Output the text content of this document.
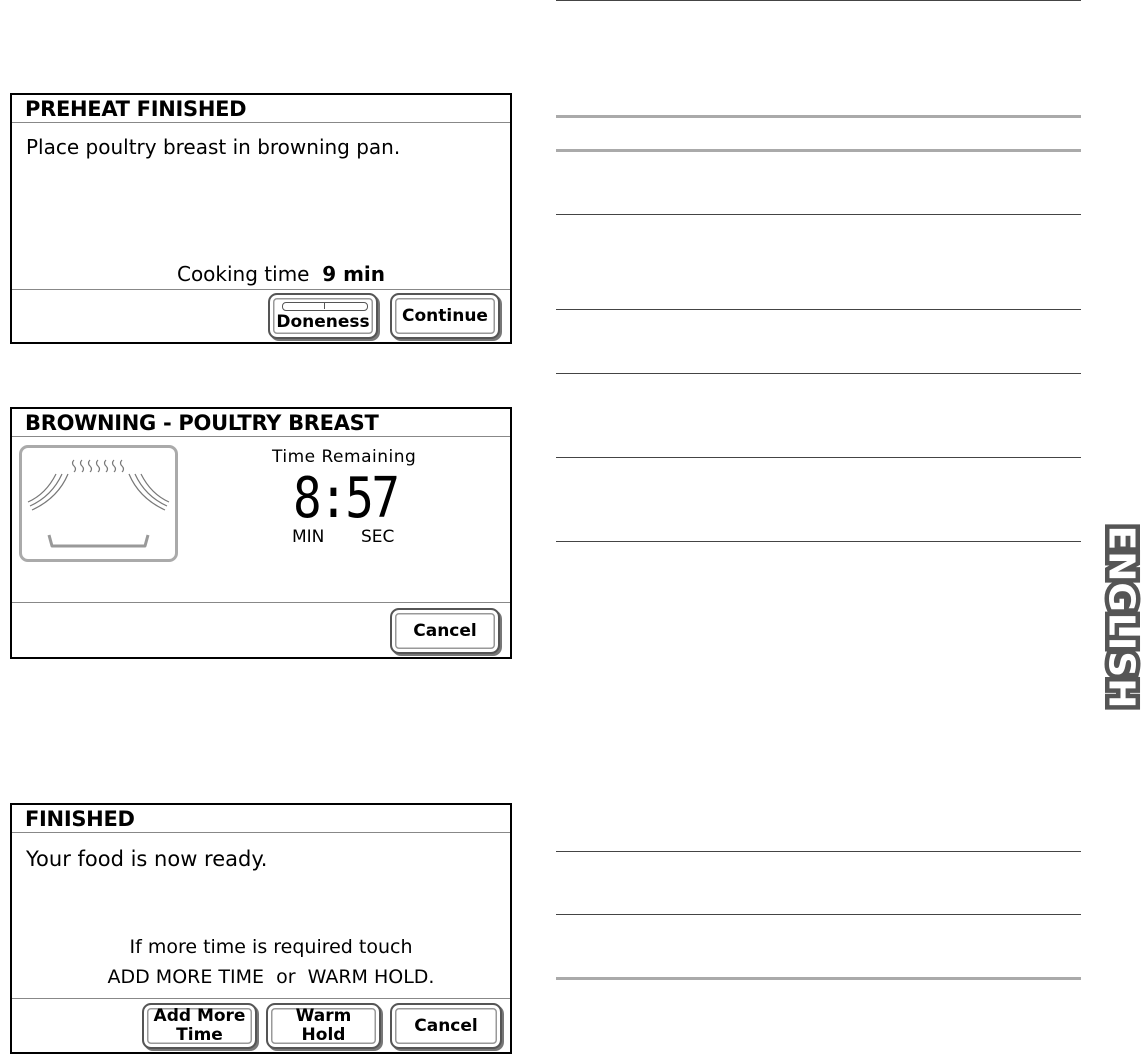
PREHEAT FINISHED
Place poultry breast in browning pan.
Cooking time 9 min
Doneness Continue
BROWNING - POULTRY BREAST
Time Remaining
8:57
MIN SEC
Cancel
FINISHED
Your food is now ready.
If more time is required touch
ADD MORE TIME  or  WARM HOLD.
Add More
Time
Warm
Hold	Cancel
ENGLISH
